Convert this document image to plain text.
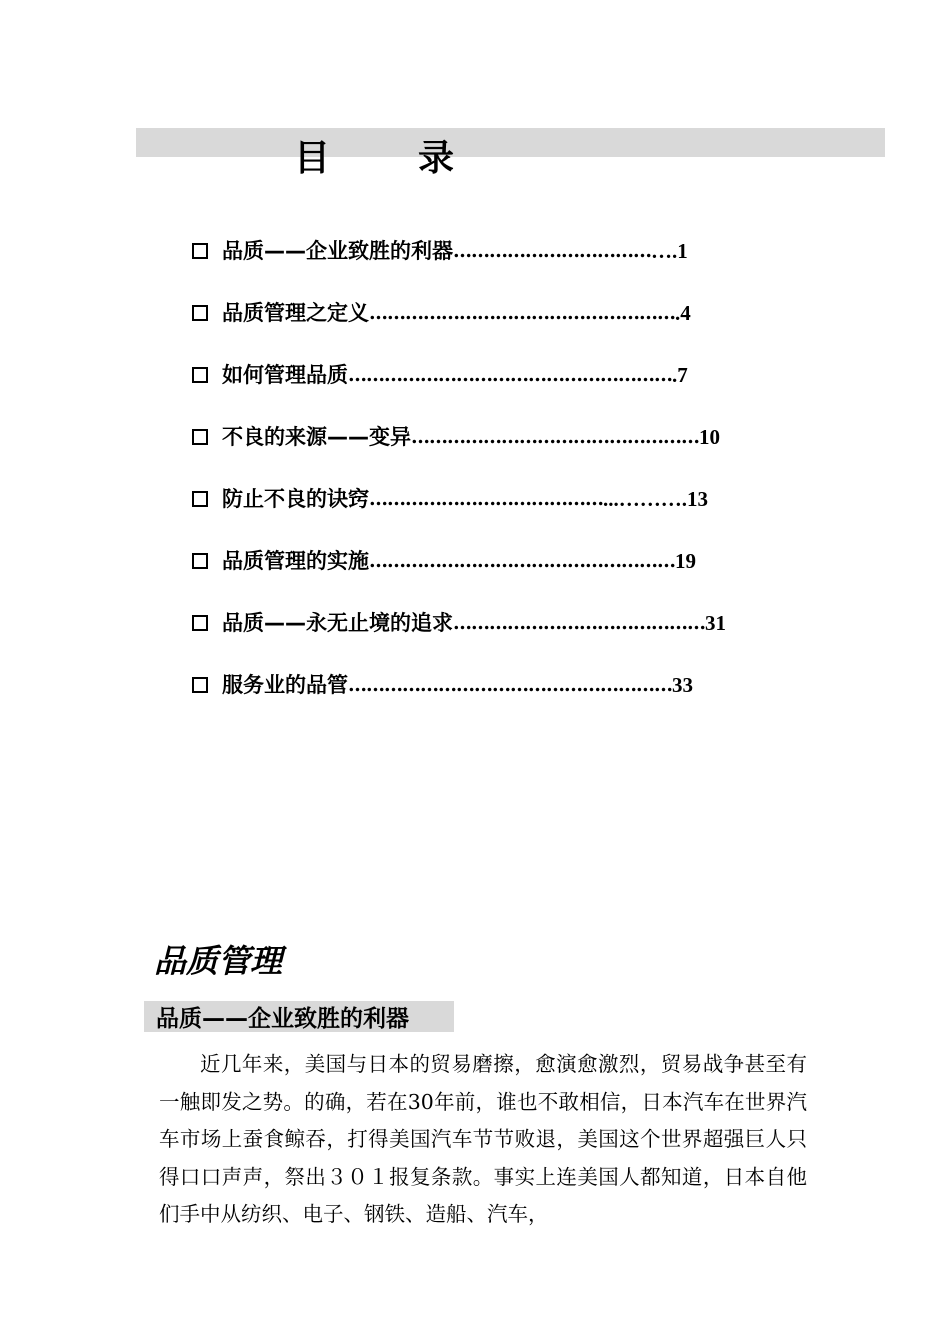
目录
品质——企业致胜的利器 …………………………… ….1
品质管理之定义 …………………………………………… .4
如何管理品质 ……………………………………………… .7
不良的来源——变异 ………………………………………… 10
防止不良的诀窍 ………………………………… ...……….13
品质管理的实施 …………………………………………… 19
品质——永无止境的追求 …………………………………… 31
服务业的品管 ……………………………………………… 33
品质管理
品质——企业致胜的利器

近几年来，美国与日本的贸易磨擦，愈演愈激烈，贸易战争甚至有一触即发之势。的确，若在30年前，谁也不敢相信，日本汽车在世界汽车市场上蚕食鲸吞，打得美国汽车节节败退，美国这个世界超强巨人只得口口声声，祭出３０１报复条款。事实上连美国人都知道，日本自他们手中从纺织、电子、钢铁、造船、汽车，
